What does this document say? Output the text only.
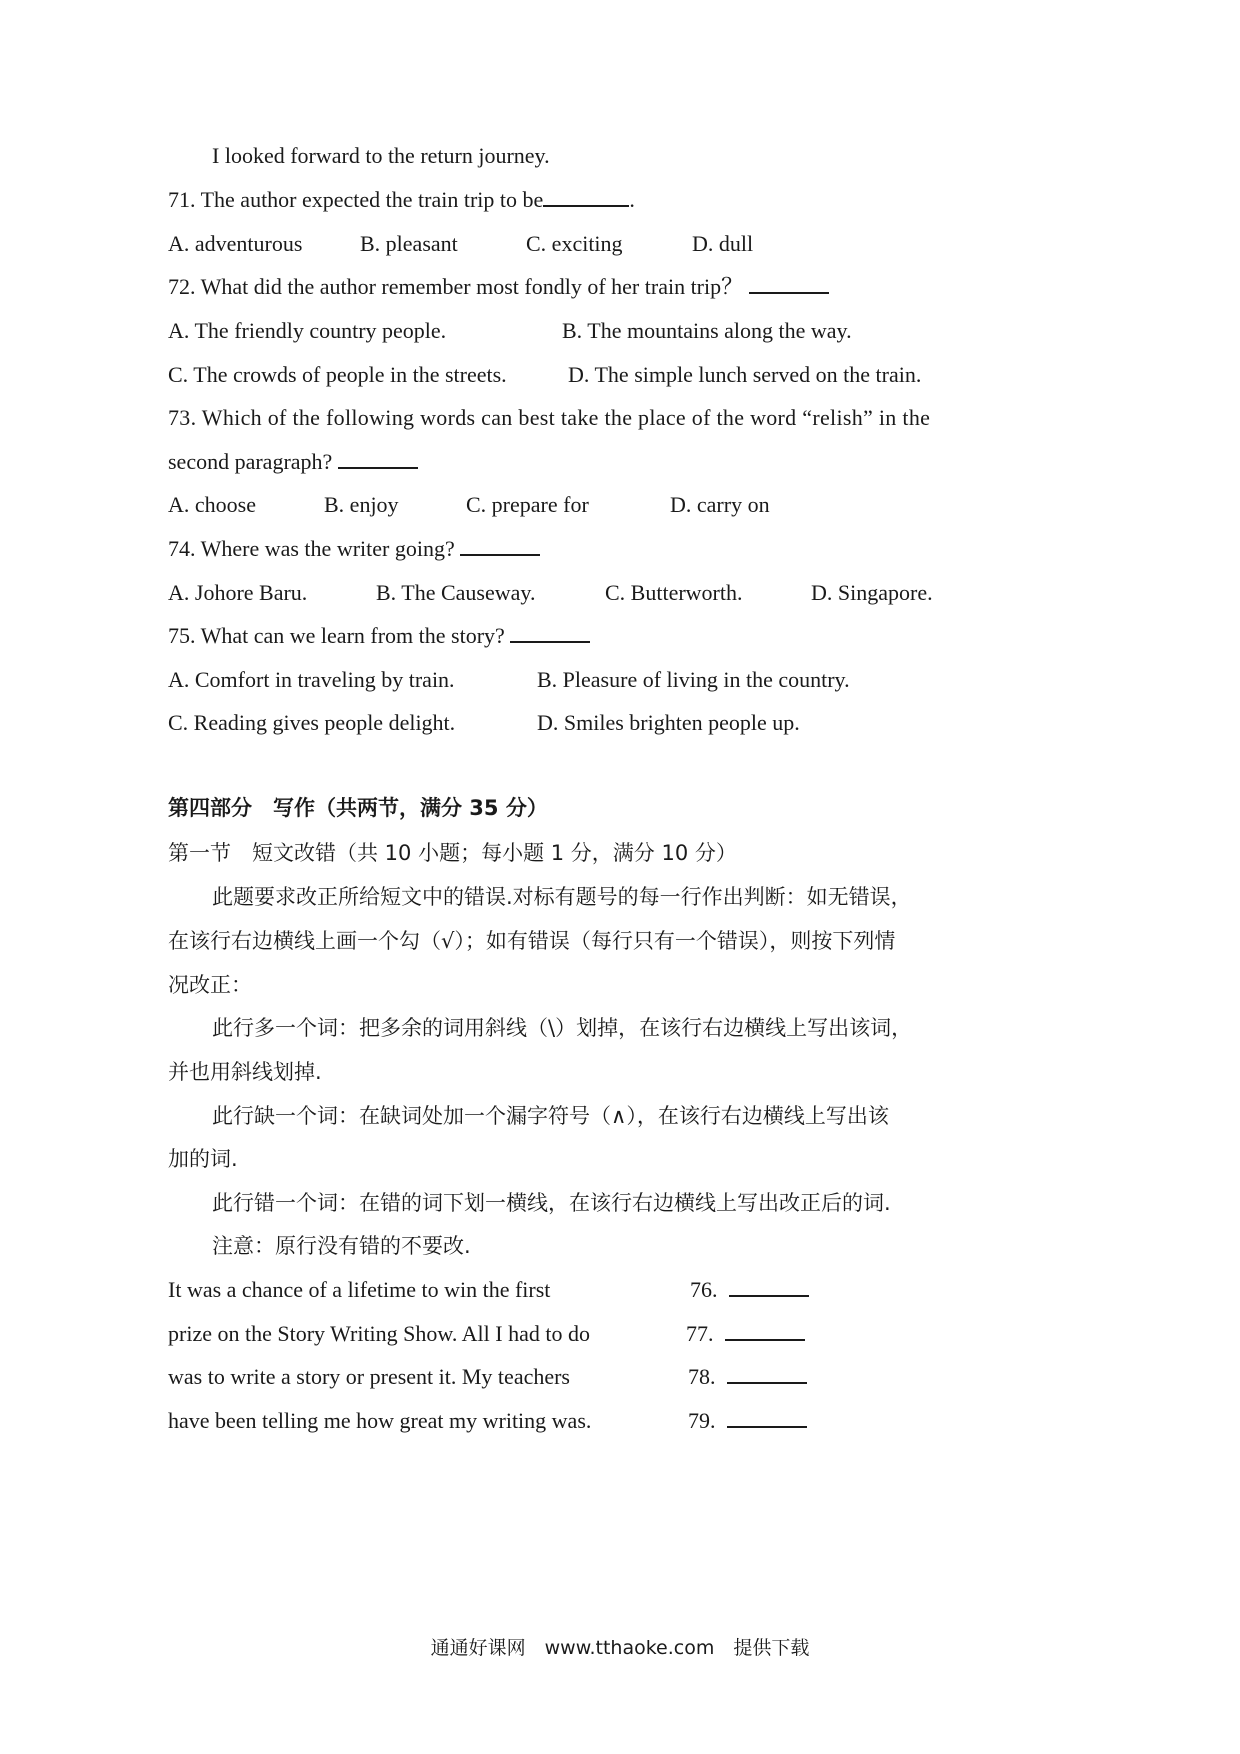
I looked forward to the return journey.
71. The author expected the train trip to be	.
A. adventurous	B. pleasant	C. exciting	D. dull
72. What did the author remember most fondly of her train trip？
A. The friendly country people.	B. The mountains along the way.
C. The crowds of people in the streets.	D. The simple lunch served on the train.
73. Which of the following words can best take the place of the word “relish” in the
second paragraph?
A. choose	B. enjoy	C. prepare for	D. carry on
74. Where was the writer going?
A. Johore Baru.	B. The Causeway.	C. Butterworth.	D. Singapore.
75. What can we learn from the story?
A. Comfort in traveling by train.	B. Pleasure of living in the country.
C. Reading gives people delight.	D. Smiles brighten people up.
第四部分　写作（共两节，满分 35 分）
第一节　短文改错（共 10 小题；每小题 1 分，满分 10 分）
此题要求改正所给短文中的错误.对标有题号的每一行作出判断：如无错误，
在该行右边横线上画一个勾（√）；如有错误（每行只有一个错误），则按下列情
况改正：
此行多一个词：把多余的词用斜线（\）划掉，在该行右边横线上写出该词，
并也用斜线划掉.
此行缺一个词：在缺词处加一个漏字符号（∧），在该行右边横线上写出该
加的词.
此行错一个词：在错的词下划一横线，在该行右边横线上写出改正后的词.
注意：原行没有错的不要改.
It was a chance of a lifetime to win the first	76.
prize on the Story Writing Show. All I had to do	77.
was to write a story or present it. My teachers	78.
have been telling me how great my writing was.	79.
通通好课网　www.tthaoke.com　提供下载
